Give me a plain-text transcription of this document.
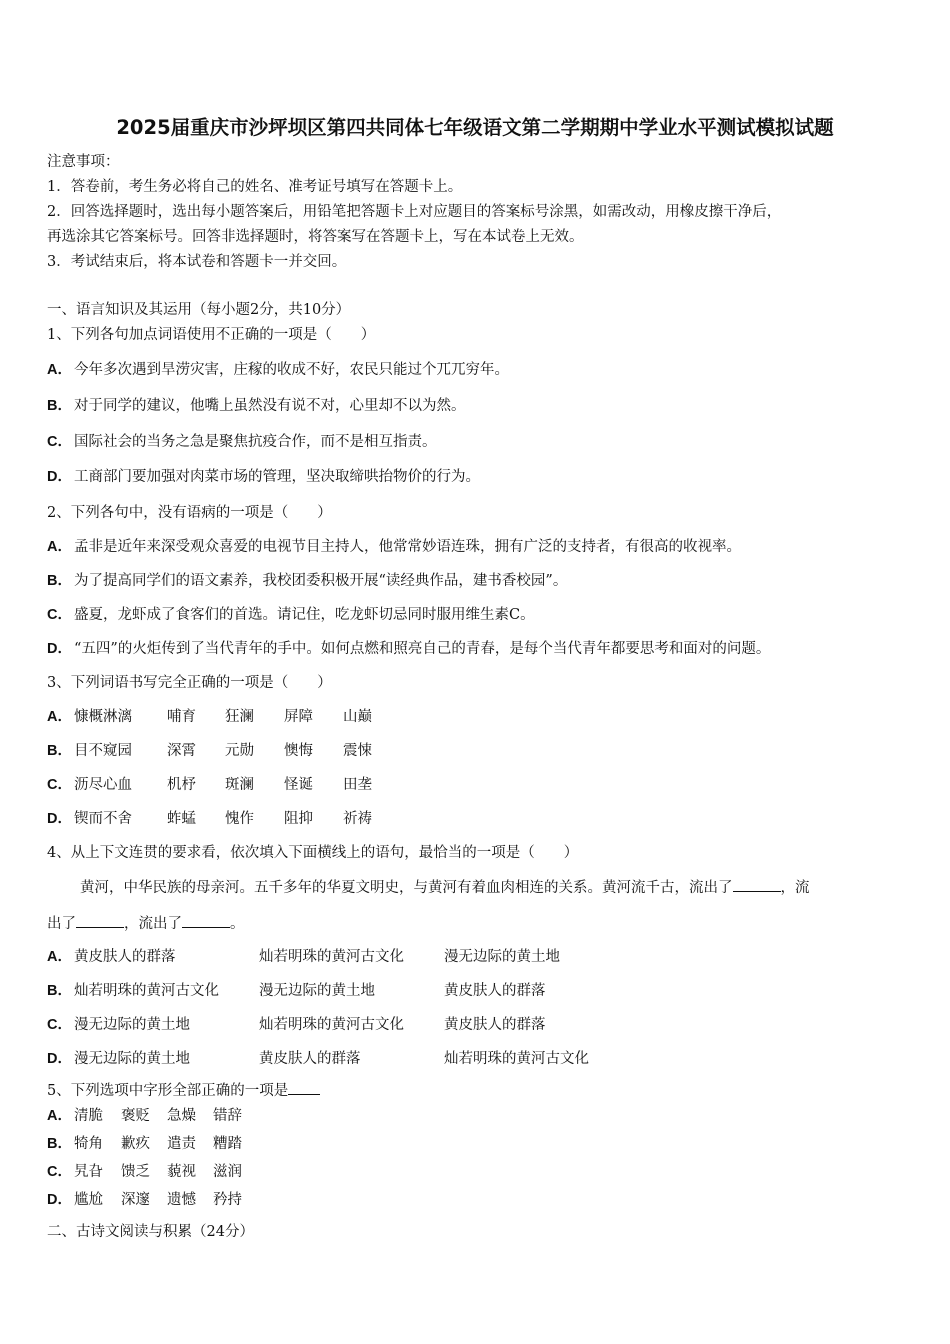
2025届重庆市沙坪坝区第四共同体七年级语文第二学期期中学业水平测试模拟试题
注意事项：
1．答卷前，考生务必将自己的姓名、准考证号填写在答题卡上。
2．回答选择题时，选出每小题答案后，用铅笔把答题卡上对应题目的答案标号涂黑，如需改动，用橡皮擦干净后，
再选涂其它答案标号。回答非选择题时，将答案写在答题卡上，写在本试卷上无效。
3．考试结束后，将本试卷和答题卡一并交回。
一、语言知识及其运用（每小题2分，共10分）
1、下列各句加点词语使用不正确的一项是（　　）
A． 今年多次遇到旱涝灾害，庄稼的收成不好，农民只能过个兀兀穷年。
B． 对于同学的建议，他嘴上虽然没有说不对，心里却不以为然。
C． 国际社会的当务之急是聚焦抗疫合作，而不是相互指责。
D． 工商部门要加强对肉菜市场的管理，坚决取缔哄抬物价的行为。
2、下列各句中，没有语病的一项是（　　）
A． 孟非是近年来深受观众喜爱的电视节目主持人，他常常妙语连珠，拥有广泛的支持者，有很高的收视率。
B． 为了提高同学们的语文素养，我校团委积极开展“读经典作品，建书香校园”。
C． 盛夏，龙虾成了食客们的首选。请记住，吃龙虾切忌同时服用维生素C。
D． “五四”的火炬传到了当代青年的手中。如何点燃和照亮自己的青春，是每个当代青年都要思考和面对的问题。
3、下列词语书写完全正确的一项是（　　）
A． 慷概淋漓 哺育 狂澜 屏障 山巅
B． 目不窥园 深霄 元勋 懊悔 震悚
C． 沥尽心血 机杼 斑澜 怪诞 田垄
D． 锲而不舍 蚱蜢 愧作 阻抑 祈祷
4、从上下文连贯的要求看，依次填入下面横线上的语句，最恰当的一项是（　　）
黄河，中华民族的母亲河。五千多年的华夏文明史，与黄河有着血肉相连的关系。黄河流千古，流出了	，流
出了	，流出了	。
A． 黄皮肤人的群落	灿若明珠的黄河古文化	漫无边际的黄土地
B． 灿若明珠的黄河古文化	漫无边际的黄土地	黄皮肤人的群落
C． 漫无边际的黄土地	灿若明珠的黄河古文化	黄皮肤人的群落
D． 漫无边际的黄土地	黄皮肤人的群落	灿若明珠的黄河古文化
5、下列选项中字形全部正确的一项是
A． 清脆 褒贬 急燥 错辞
B． 犄角 歉疚 遣责 糟踏
C． 旯旮 馈乏 藐视 滋润
D． 尴尬 深邃 遗憾 矜持
二、古诗文阅读与积累（24分）
